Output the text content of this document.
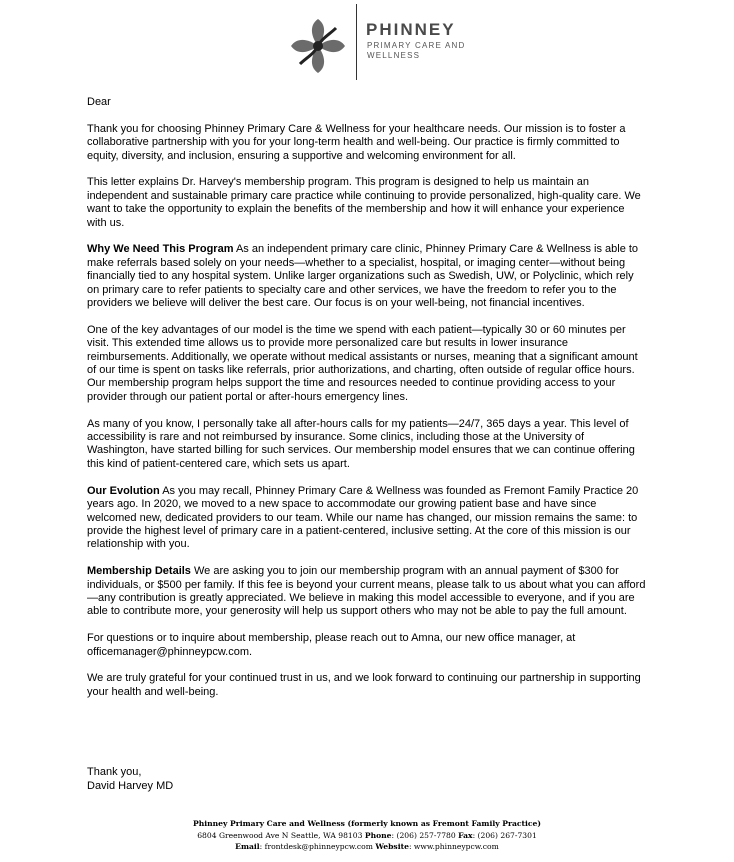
PHINNEY
PRIMARY CARE AND WELLNESS

Dear

Thank you for choosing Phinney Primary Care & Wellness for your healthcare needs. Our mission is to foster a collaborative partnership with you for your long-term health and well-being. Our practice is firmly committed to equity, diversity, and inclusion, ensuring a supportive and welcoming environment for all.

This letter explains Dr. Harvey's membership program. This program is designed to help us maintain an independent and sustainable primary care practice while continuing to provide personalized, high-quality care. We want to take the opportunity to explain the benefits of the membership and how it will enhance your experience with us.

Why We Need This Program As an independent primary care clinic, Phinney Primary Care & Wellness is able to make referrals based solely on your needs—whether to a specialist, hospital, or imaging center—without being financially tied to any hospital system. Unlike larger organizations such as Swedish, UW, or Polyclinic, which rely on primary care to refer patients to specialty care and other services, we have the freedom to refer you to the providers we believe will deliver the best care. Our focus is on your well-being, not financial incentives.

One of the key advantages of our model is the time we spend with each patient—typically 30 or 60 minutes per visit. This extended time allows us to provide more personalized care but results in lower insurance reimbursements. Additionally, we operate without medical assistants or nurses, meaning that a significant amount of our time is spent on tasks like referrals, prior authorizations, and charting, often outside of regular office hours. Our membership program helps support the time and resources needed to continue providing access to your provider through our patient portal or after-hours emergency lines.

As many of you know, I personally take all after-hours calls for my patients—24/7, 365 days a year. This level of accessibility is rare and not reimbursed by insurance. Some clinics, including those at the University of Washington, have started billing for such services. Our membership model ensures that we can continue offering this kind of patient-centered care, which sets us apart.

Our Evolution As you may recall, Phinney Primary Care & Wellness was founded as Fremont Family Practice 20 years ago. In 2020, we moved to a new space to accommodate our growing patient base and have since welcomed new, dedicated providers to our team. While our name has changed, our mission remains the same: to provide the highest level of primary care in a patient-centered, inclusive setting. At the core of this mission is our relationship with you.

Membership Details We are asking you to join our membership program with an annual payment of $300 for individuals, or $500 per family. If this fee is beyond your current means, please talk to us about what you can afford—any contribution is greatly appreciated. We believe in making this model accessible to everyone, and if you are able to contribute more, your generosity will help us support others who may not be able to pay the full amount.

For questions or to inquire about membership, please reach out to Amna, our new office manager, at officemanager@phinneypcw.com.

We are truly grateful for your continued trust in us, and we look forward to continuing our partnership in supporting your health and well-being.

Thank you,
David Harvey MD
Phinney Primary Care and Wellness (formerly known as Fremont Family Practice)
6804 Greenwood Ave N Seattle, WA 98103 Phone: (206) 257-7780 Fax: (206) 267-7301
Email: frontdesk@phinneypcw.com Website: www.phinneypcw.com
